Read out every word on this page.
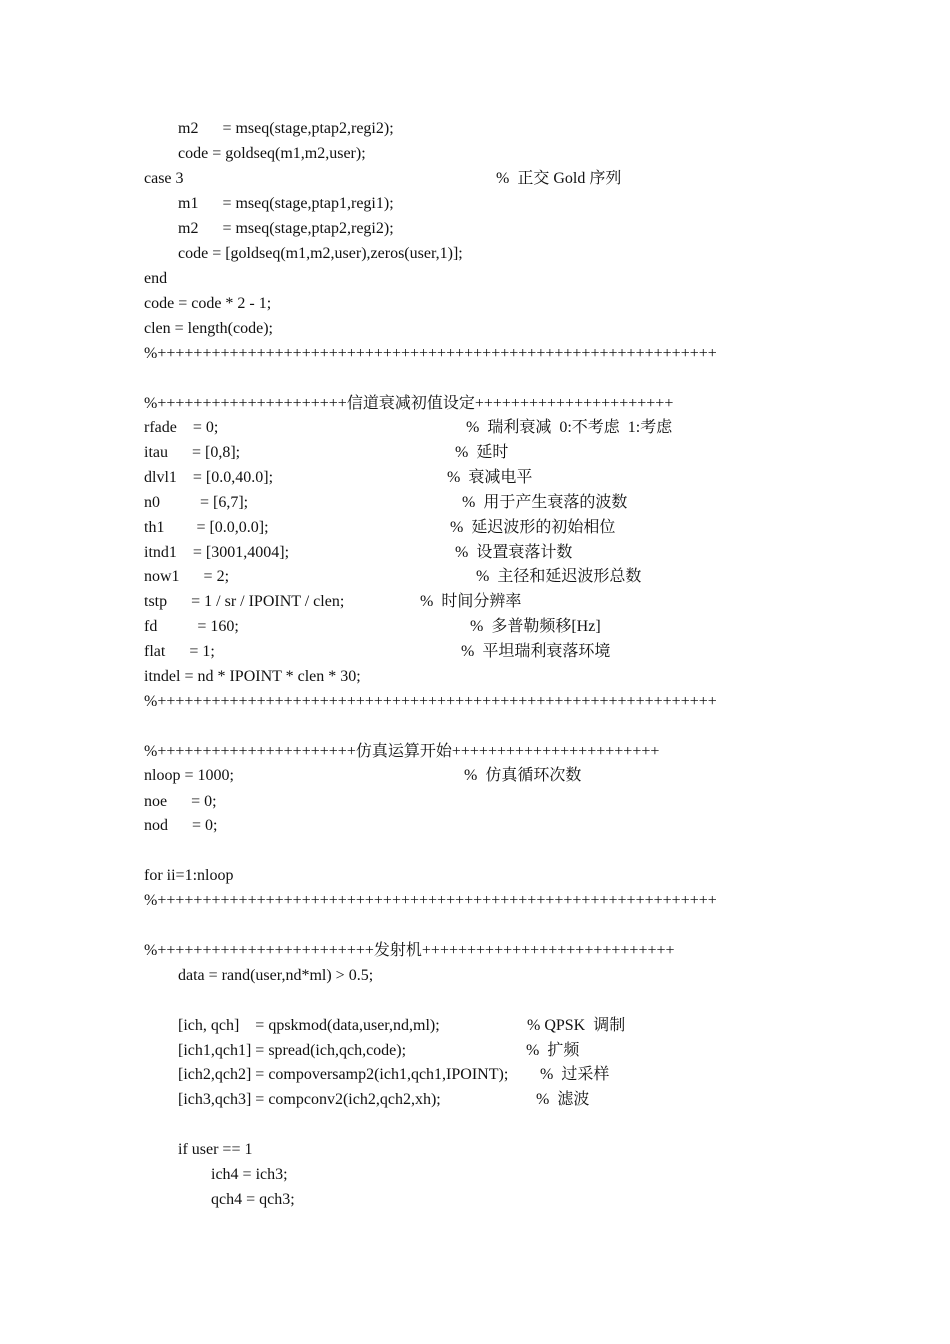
m2      = mseq(stage,ptap2,regi2);
code = goldseq(m1,m2,user);
case 3	%  正交 Gold 序列
m1      = mseq(stage,ptap1,regi1);
m2      = mseq(stage,ptap2,regi2);
code = [goldseq(m1,m2,user),zeros(user,1)];
end
code = code * 2 - 1;
clen = length(code);
%++++++++++++++++++++++++++++++++++++++++++++++++++++++++++++++
%+++++++++++++++++++++信道衰减初值设定++++++++++++++++++++++
rfade    = 0;	%  瑞利衰减  0:不考虑  1:考虑
itau      = [0,8];	%  延时
dlvl1    = [0.0,40.0];	%  衰减电平
n0          = [6,7];	%  用于产生衰落的波数
th1        = [0.0,0.0];	%  延迟波形的初始相位
itnd1    = [3001,4004];	%  设置衰落计数
now1      = 2;	%  主径和延迟波形总数
tstp      = 1 / sr / IPOINT / clen;	%  时间分辨率
fd          = 160;	%  多普勒频移[Hz]
flat      = 1;	%  平坦瑞利衰落环境
itndel = nd * IPOINT * clen * 30;
%++++++++++++++++++++++++++++++++++++++++++++++++++++++++++++++
%++++++++++++++++++++++仿真运算开始+++++++++++++++++++++++
nloop = 1000;	%  仿真循环次数
noe      = 0;
nod      = 0;
for ii=1:nloop
%++++++++++++++++++++++++++++++++++++++++++++++++++++++++++++++
%++++++++++++++++++++++++发射机++++++++++++++++++++++++++++
data = rand(user,nd*ml) > 0.5;
[ich, qch]    = qpskmod(data,user,nd,ml);	% QPSK  调制
[ich1,qch1] = spread(ich,qch,code);	%  扩频
[ich2,qch2] = compoversamp2(ich1,qch1,IPOINT); %  过采样
[ich3,qch3] = compconv2(ich2,qch2,xh);	%  滤波
if user == 1
ich4 = ich3;
qch4 = qch3;
